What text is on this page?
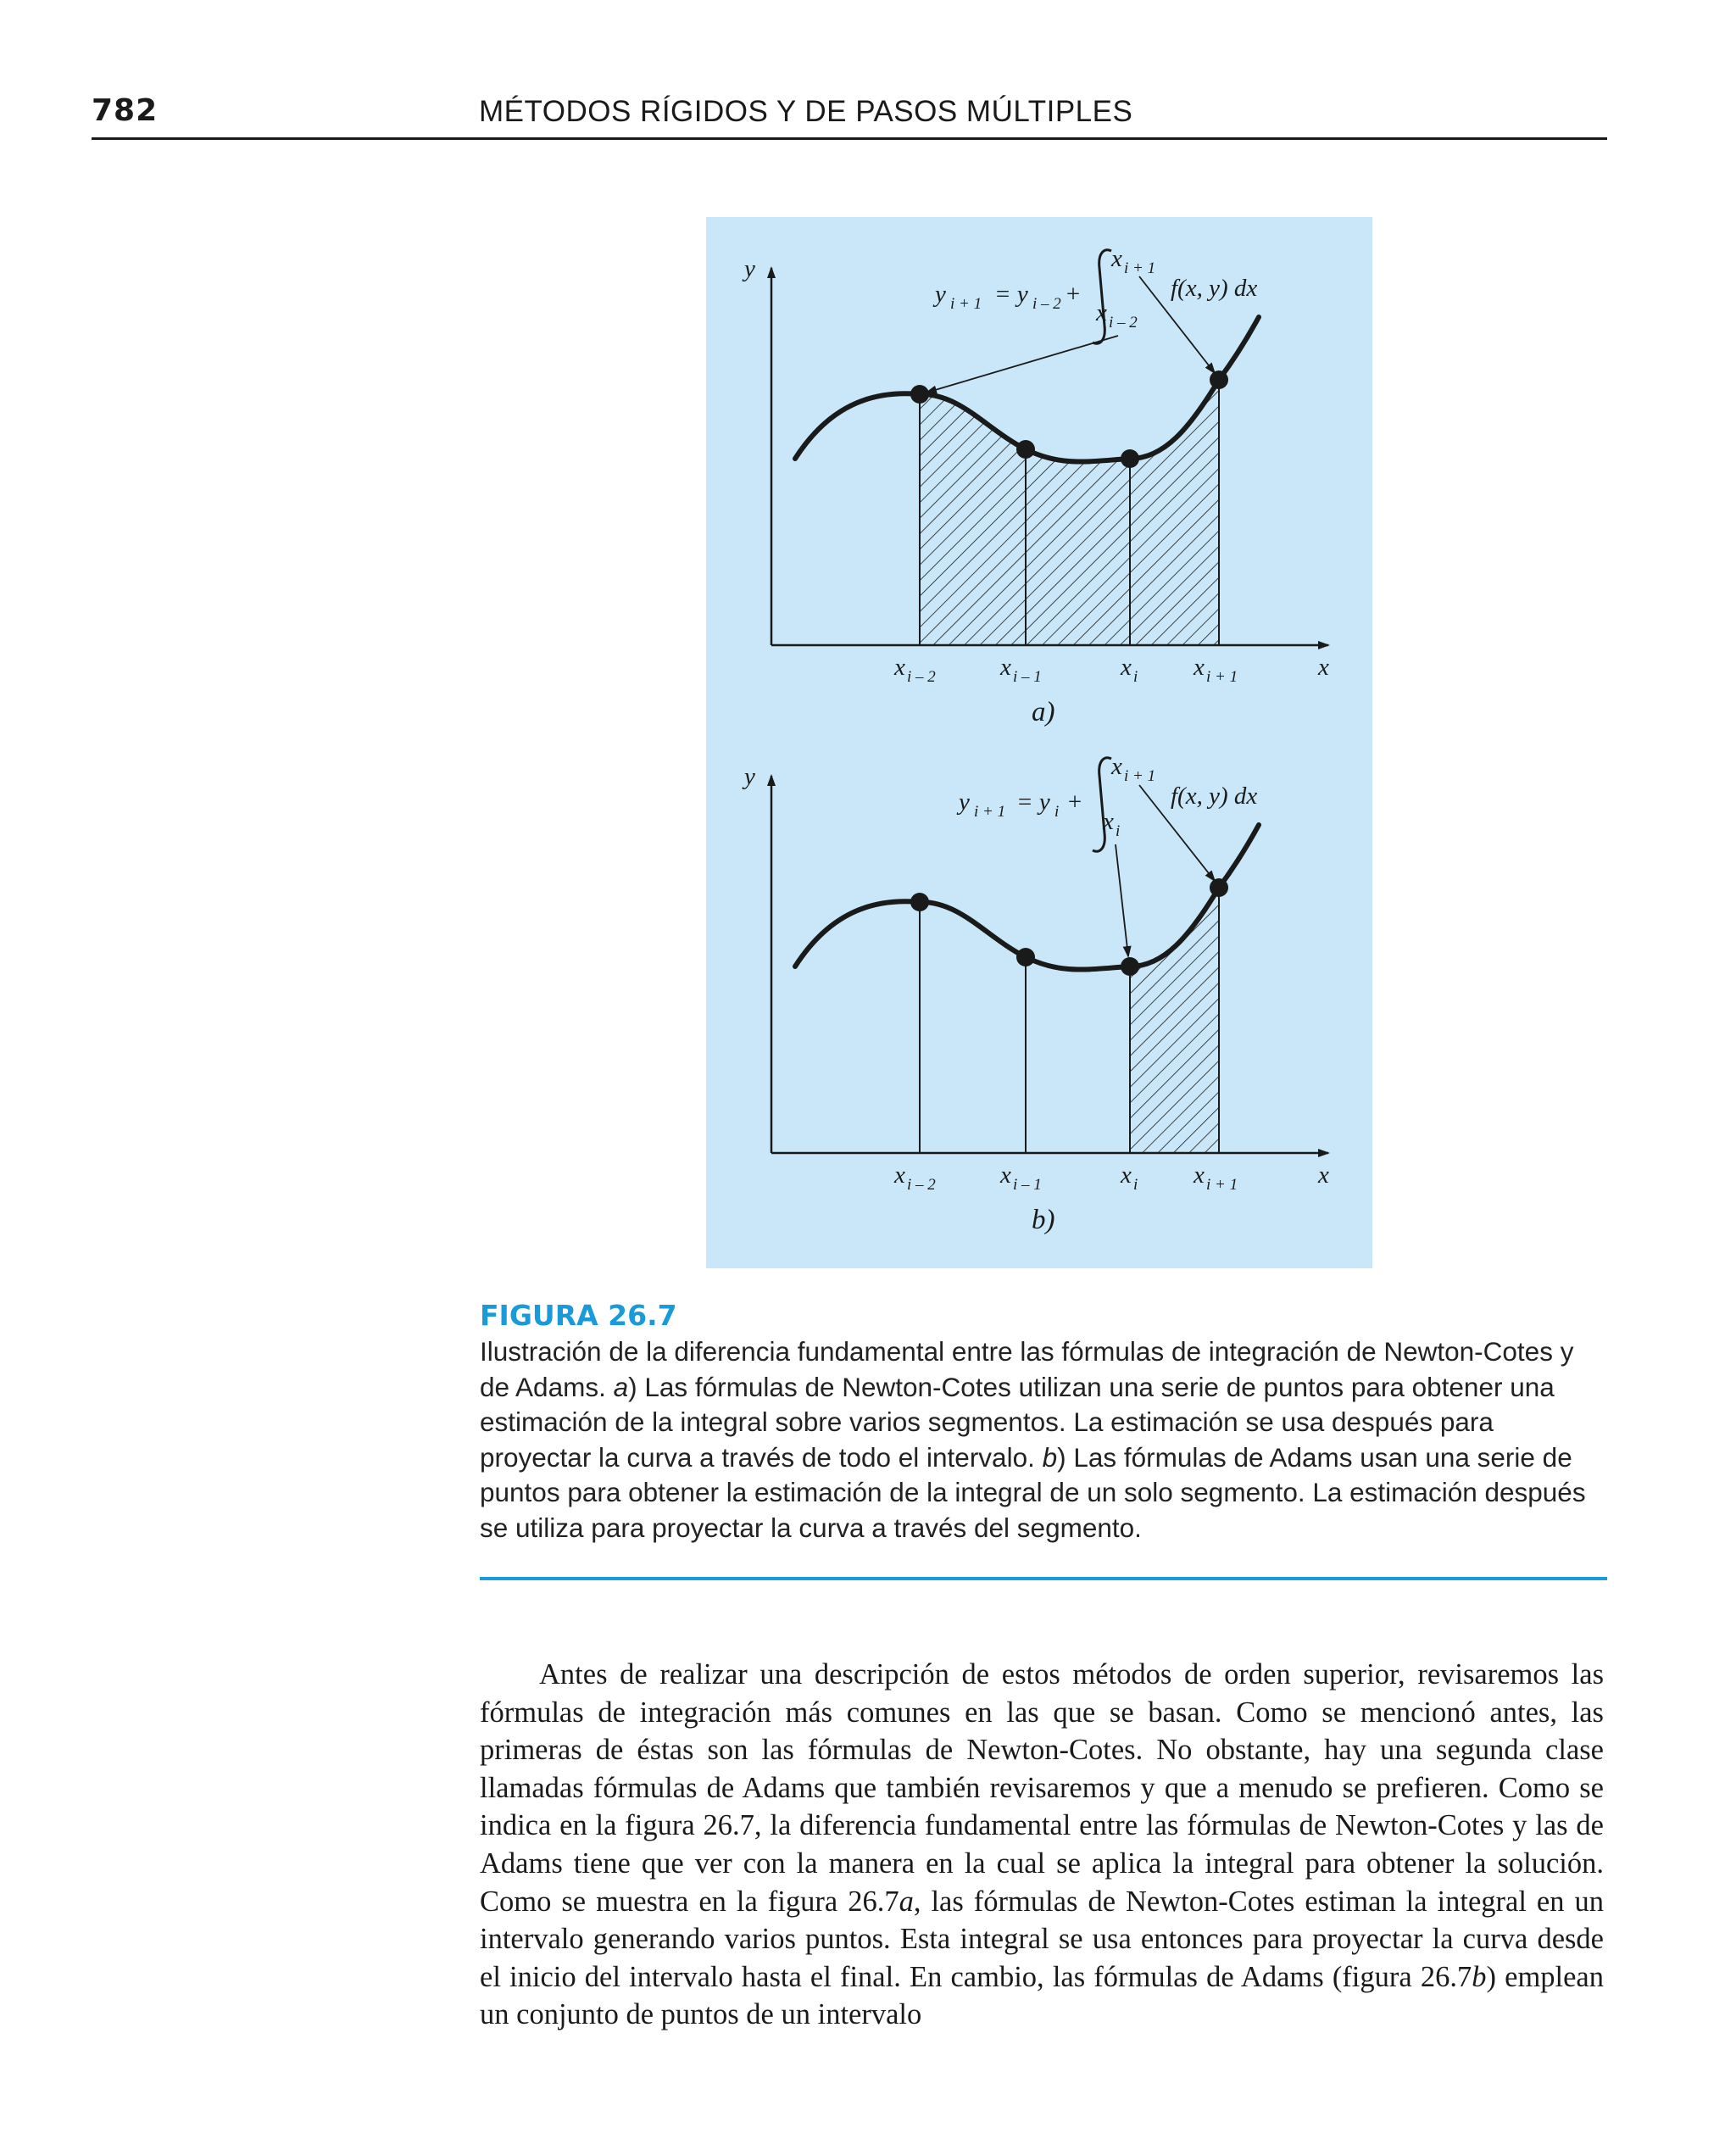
782	MÉTODOS RÍGIDOS Y DE PASOS MÚLTIPLES
y
y i + 1 = y i – 2 +
x i + 1
x i – 2
f(x, y) dx
x i – 2	x i – 1	x i x i + 1	x
a)
y
y i + 1 = y i +
x i + 1
x i
f(x, y) dx
x i – 2	x i – 1	x i x i + 1	x
b)
FIGURA 26.7
Ilustración de la diferencia fundamental entre las fórmulas de integración de Newton-Cotes y de Adams. a) Las fórmulas de Newton-Cotes utilizan una serie de puntos para obtener una estimación de la integral sobre varios segmentos. La estimación se usa después para proyectar la curva a través de todo el intervalo. b) Las fórmulas de Adams usan una serie de puntos para obtener la estimación de la integral de un solo segmento. La estimación después se utiliza para proyectar la curva a través del segmento.
Antes de realizar una descripción de estos métodos de orden superior, revisaremos las fórmulas de integración más comunes en las que se basan. Como se mencionó antes, las primeras de éstas son las fórmulas de Newton-Cotes. No obstante, hay una segunda clase llamadas fórmulas de Adams que también revisaremos y que a menudo se prefieren. Como se indica en la figura 26.7, la diferencia fundamental entre las fórmulas de Newton-Cotes y las de Adams tiene que ver con la manera en la cual se aplica la integral para obtener la solución. Como se muestra en la figura 26.7a, las fórmulas de Newton-Cotes estiman la integral en un intervalo generando varios puntos. Esta integral se usa entonces para proyectar la curva desde el inicio del intervalo hasta el final. En cambio, las fórmulas de Adams (figura 26.7b) emplean un conjunto de puntos de un intervalo
